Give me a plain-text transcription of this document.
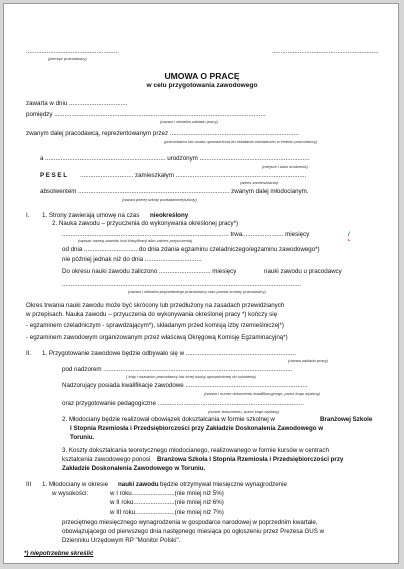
......................................................
(pieczęć pracodawcy)
..............................................................
UMOWA O PRACĘ
w celu przygotowania zawodowego
zawarta w dniu ..................................
pomiędzy ...........................................................................................................................
(nazwa i siedziba zakładu pracy)
zwanym dalej pracodawcą, reprezentowanym przez ...........................................................................
(pracodawca lub osoba upoważniona do składania oświadczeń w imieniu pracodawcy)
a ...................................................................... urodzonym ................................................................
(miejsce i data urodzenia)
P E S E L ............................... zamieszkałym ............................................................................
(adres zamieszkania)
absolwentem ........................................................................................ zwanym dalej młodocianym.
(nazwa pełnej szkoły podstawowej/szkoły)
I. 1. Strony zawierają umowę na czas nieokreślony
2. Nauka zawodu – przyuczenia do wykonywania określonej pracy*)
................................................................................................. trwa........................ miesięcy	/
(wpisać nazwę zawodu kod klasyfikacji albo zakres przyuczenia)
od dnia ............................... do dnia zdania egzaminu czeladniczego/egzaminu zawodowego*)
nie później jednak niż do dnia .................................
Do okresu nauki zawodu zaliczono .............................. miesięcy	nauki zawodu u pracodawcy
...........................................................................................................................................
(nazwa i siedziba poprzedniego pracodawcy oraz powód zmiany pracodawcy)
Okres trwania nauki zawodu może być skrócony lub przedłużony na zasadach przewidzianych
w przepisach. Nauka zawodu – przyuczenia do wykonywania określonej pracy *) kończy się
- egzaminem czeladniczym - sprawdzającym*), składanym przed komisją izby rzemieślniczej*)
- egzaminem zawodowym organizowanym przez właściwą Okręgową Komisję Egzaminacyjną*)
II. 1. Przygotowanie zawodowe będzie odbywało się w ................................................................
(nazwa zakładu pracy)
pod nadzorem ..............................................................................................................
( imię i nazwisko pracodawcy lub innej osoby upoważnionej do szkolenia)
Nadzorujący posiada kwalifikacje zawodowe .......................................................................
(nazwa i numer dokumentu kwalifikacyjnego, przez kogo wydany)
oraz przygotowanie pedagogiczne .....................................................................................
(numer dokumentu, przez kogo wydany)
2. Młodociany będzie realizował obowiązek dokształcania w formie szkolnej w	Branżowej Szkole
I Stopnia Rzemiosła i Przedsiębiorczości przy Zakładzie Doskonalenia Zawodowego w
Toruniu.
3. Koszty dokształcania teoretycznego młodocianego, realizowanego w formie kursów w centrach
kształcenia zawodowego ponosi Branżowa Szkoła I Stopnia Rzemiosła i Przedsiębiorczości przy
Zakładzie Doskonalenia Zawodowego w Toruniu.
III 1. Młodociany w okresie nauki zawodu będzie otrzymywał miesięczne wynagrodzenie
w wysokości:	w I roku.........................(nie mniej niż 5%)
w II roku........................(nie mniej niż 6%)
w III roku.......................(nie mniej niż 7%)
przeciętnego miesięcznego wynagrodzenia w gospodarce narodowej w poprzednim kwartale,
obowiązującego od pierwszego dnia następnego miesiąca po ogłoszeniu przez Prezesa GUS w
Dzienniku Urzędowym RP "Monitor Polski".
*) niepotrzebne skreślić
